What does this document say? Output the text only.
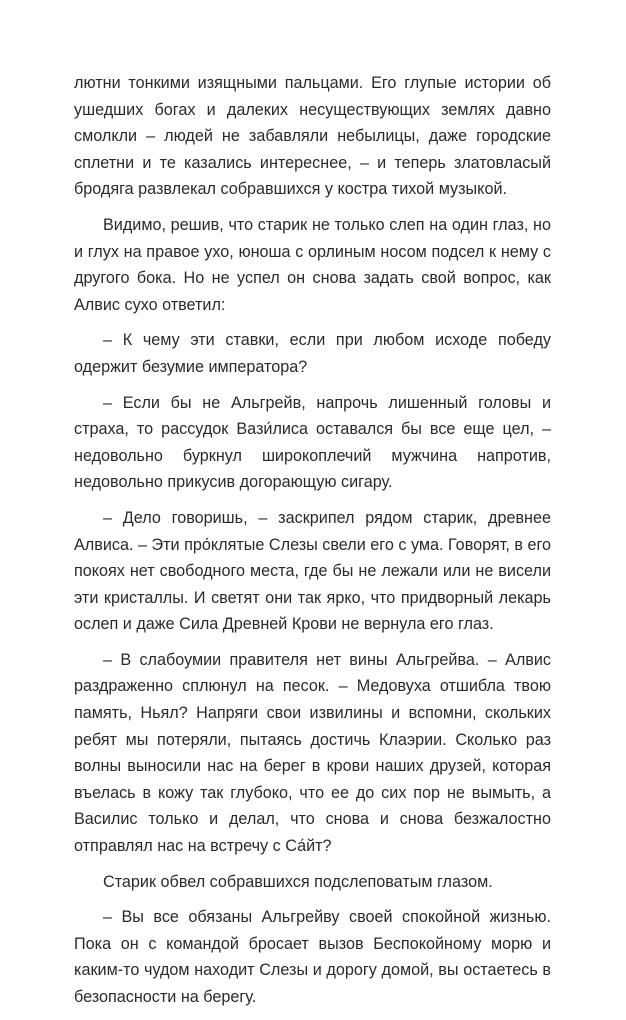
лютни тонкими изящными пальцами. Его глупые истории об ушедших богах и далеких несуществующих землях давно смолкли – людей не забавляли небылицы, даже городские сплетни и те казались интереснее, – и теперь златовласый бродяга развлекал собравшихся у костра тихой музыкой.

Видимо, решив, что старик не только слеп на один глаз, но и глух на правое ухо, юноша с орлиным носом подсел к нему с другого бока. Но не успел он снова задать свой вопрос, как Алвис сухо ответил:

– К чему эти ставки, если при любом исходе победу одержит безумие императора?

– Если бы не Альгрейв, напрочь лишенный головы и страха, то рассудок Вази́лиса оставался бы все еще цел, – недовольно буркнул широкоплечий мужчина напротив, недовольно прикусив догорающую сигару.

– Дело говоришь, – заскрипел рядом старик, древнее Алвиса. – Эти про́клятые Слезы свели его с ума. Говорят, в его покоях нет свободного места, где бы не лежали или не висели эти кристаллы. И светят они так ярко, что придворный лекарь ослеп и даже Сила Древней Крови не вернула его глаз.

– В слабоумии правителя нет вины Альгрейва. – Алвис раздраженно сплюнул на песок. – Медовуха отшибла твою память, Ньял? Напряги свои извилины и вспомни, скольких ребят мы потеряли, пытаясь достичь Клаэрии. Сколько раз волны выносили нас на берег в крови наших друзей, которая въелась в кожу так глубоко, что ее до сих пор не вымыть, а Василис только и делал, что снова и снова безжалостно отправлял нас на встречу с Са́йт?

Старик обвел собравшихся подслеповатым глазом.

– Вы все обязаны Альгрейву своей спокойной жизнью. Пока он с командой бросает вызов Беспокойному морю и каким-то чудом находит Слезы и дорогу домой, вы остаетесь в безопасности на берегу.
